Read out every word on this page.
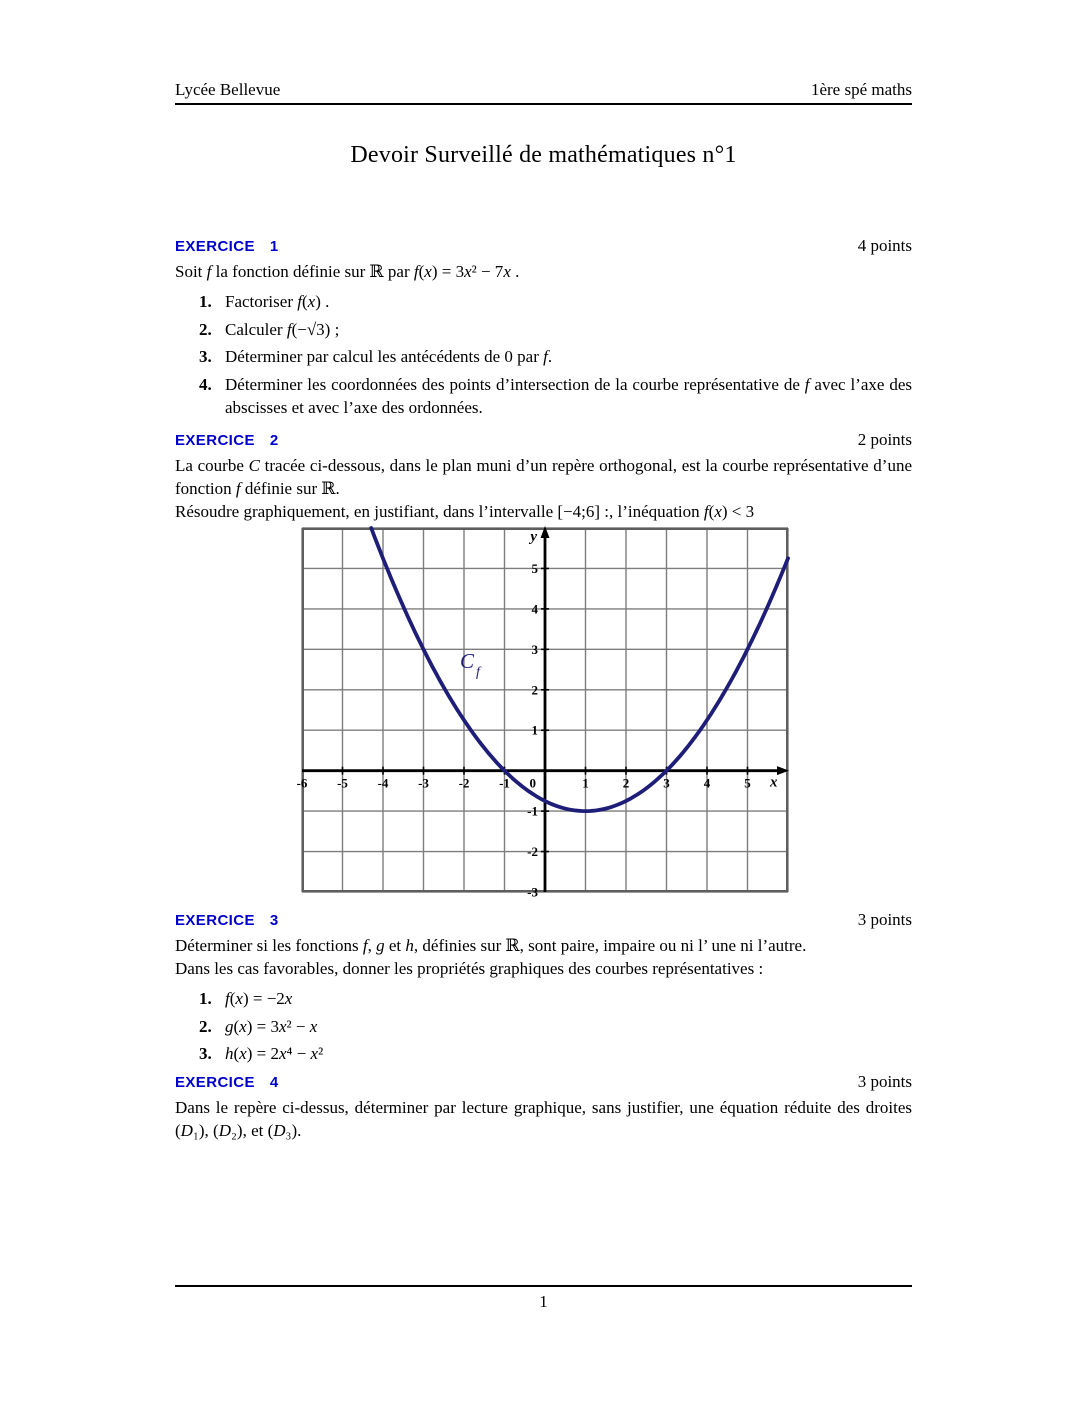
Lycée Bellevue	1ère spé maths
Devoir Surveillé de mathématiques n°1
EXERCICE 1	4 points

Soit f la fonction définie sur ℝ par f(x) = 3x² − 7x .

1. Factoriser f(x) .
2. Calculer f(−√3) ;
3. Déterminer par calcul les antécédents de 0 par f.
4. Déterminer les coordonnées des points d’intersection de la courbe représentative de f avec l’axe des abscisses et avec l’axe des ordonnées.
EXERCICE 2	2 points

La courbe C tracée ci-dessous, dans le plan muni d’un repère orthogonal, est la courbe représentative d’une fonction f définie sur ℝ.

Résoudre graphiquement, en justifiant, dans l’intervalle [−4;6] :, l’inéquation f(x) < 3

-6 -5 -4 -3 -2 -1	1	2	3	4	5
-3
-2
-1
1
2
3
4
5
0	x
y
C f
EXERCICE 3	3 points

Déterminer si les fonctions f, g et h, définies sur ℝ, sont paire, impaire ou ni l’ une ni l’autre.

Dans les cas favorables, donner les propriétés graphiques des courbes représentatives :

1. f(x) = −2x
2. g(x) = 3x² − x
3. h(x) = 2x⁴ − x²
EXERCICE 4	3 points

Dans le repère ci-dessus, déterminer par lecture graphique, sans justifier, une équation réduite des droites (D₁), (D₂), et (D₃).

1
